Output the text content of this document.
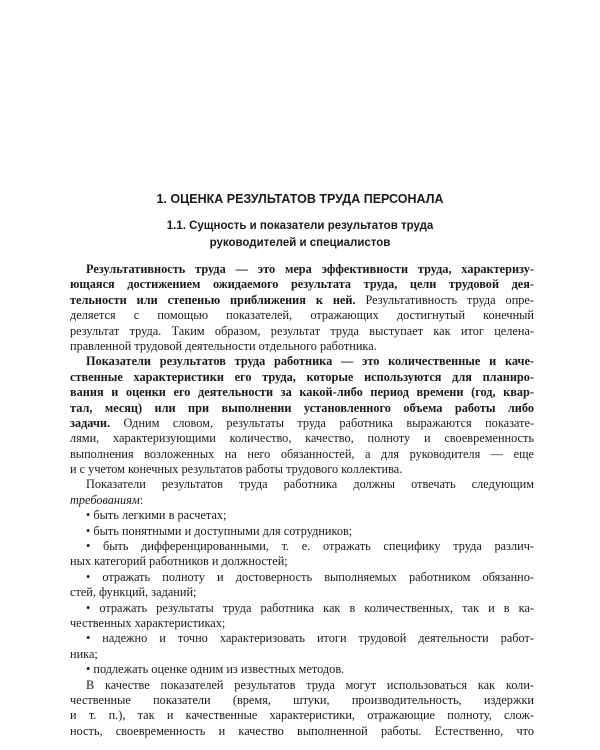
1. ОЦЕНКА РЕЗУЛЬТАТОВ ТРУДА ПЕРСОНАЛА
1.1. Сущность и показатели результатов труда
руководителей и специалистов
Результативность труда — это мера эффективности труда, характеризу-
ющаяся достижением ожидаемого результата труда, цели трудовой дея-
тельности или степенью приближения к ней. Результативность труда опре-
деляется с помощью показателей, отражающих достигнутый конечный
результат труда. Таким образом, результат труда выступает как итог целена-
правленной трудовой деятельности отдельного работника.
Показатели результатов труда работника — это количественные и каче-
ственные характеристики его труда, которые используются для планиро-
вания и оценки его деятельности за какой-либо период времени (год, квар-
тал, месяц) или при выполнении установленного объема работы либо
задачи. Одним словом, результаты труда работника выражаются показате-
лями, характеризующими количество, качество, полноту и своевременность
выполнения возложенных на него обязанностей, а для руководителя — еще
и с учетом конечных результатов работы трудового коллектива.
Показатели результатов труда работника должны отвечать следующим
требованиям:
• быть легкими в расчетах;
• быть понятными и доступными для сотрудников;
• быть дифференцированными, т. е. отражать специфику труда различ-
ных категорий работников и должностей;
• отражать полноту и достоверность выполняемых работником обязанно-
стей, функций, заданий;
• отражать результаты труда работника как в количественных, так и в ка-
чественных характеристиках;
• надежно и точно характеризовать итоги трудовой деятельности работ-
ника;
• подлежать оценке одним из известных методов.
В качестве показателей результатов труда могут использоваться как коли-
чественные показатели (время, штуки, производительность, издержки
и т. п.), так и качественные характеристики, отражающие полноту, слож-
ность, своевременность и качество выполненной работы. Естественно, что
